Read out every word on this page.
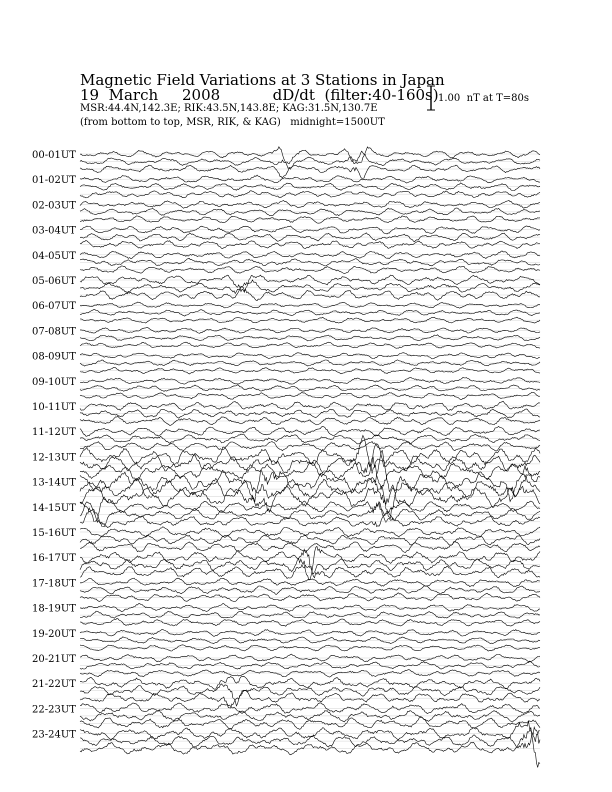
Magnetic Field Variations at 3 Stations in Japan
19  March     2008           dD/dt  (filter:40-160s)
MSR:44.4N,142.3E; RIK:43.5N,143.8E; KAG:31.5N,130.7E
(from bottom to top, MSR, RIK, & KAG)   midnight=1500UT
1.00  nT at T=80s
00-01UT
01-02UT
02-03UT
03-04UT
04-05UT
05-06UT
06-07UT
07-08UT
08-09UT
09-10UT
10-11UT
11-12UT
12-13UT
13-14UT
14-15UT
15-16UT
16-17UT
17-18UT
18-19UT
19-20UT
20-21UT
21-22UT
22-23UT
23-24UT
